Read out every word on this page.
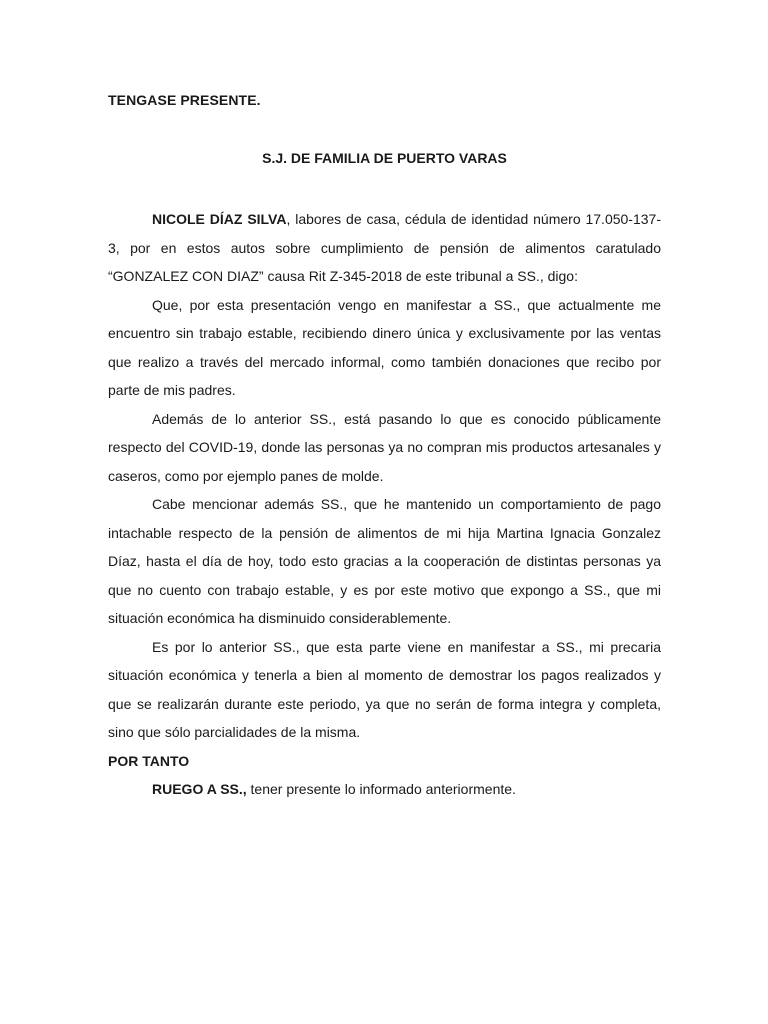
TENGASE PRESENTE.
S.J. DE FAMILIA DE PUERTO VARAS

NICOLE DÍAZ SILVA, labores de casa, cédula de identidad número 17.050-137-3, por en estos autos sobre cumplimiento de pensión de alimentos caratulado “GONZALEZ CON DIAZ” causa Rit Z-345-2018 de este tribunal a SS., digo:

Que, por esta presentación vengo en manifestar a SS., que actualmente me encuentro sin trabajo estable, recibiendo dinero única y exclusivamente por las ventas que realizo a través del mercado informal, como también donaciones que recibo por parte de mis padres.

Además de lo anterior SS., está pasando lo que es conocido públicamente respecto del COVID-19, donde las personas ya no compran mis productos artesanales y caseros, como por ejemplo panes de molde.

Cabe mencionar además SS., que he mantenido un comportamiento de pago intachable respecto de la pensión de alimentos de mi hija Martina Ignacia Gonzalez Díaz, hasta el día de hoy, todo esto gracias a la cooperación de distintas personas ya que no cuento con trabajo estable, y es por este motivo que expongo a SS., que mi situación económica ha disminuido considerablemente.

Es por lo anterior SS., que esta parte viene en manifestar a SS., mi precaria situación económica y tenerla a bien al momento de demostrar los pagos realizados y que se realizarán durante este periodo, ya que no serán de forma integra y completa, sino que sólo parcialidades de la misma.

POR TANTO

RUEGO A SS., tener presente lo informado anteriormente.
